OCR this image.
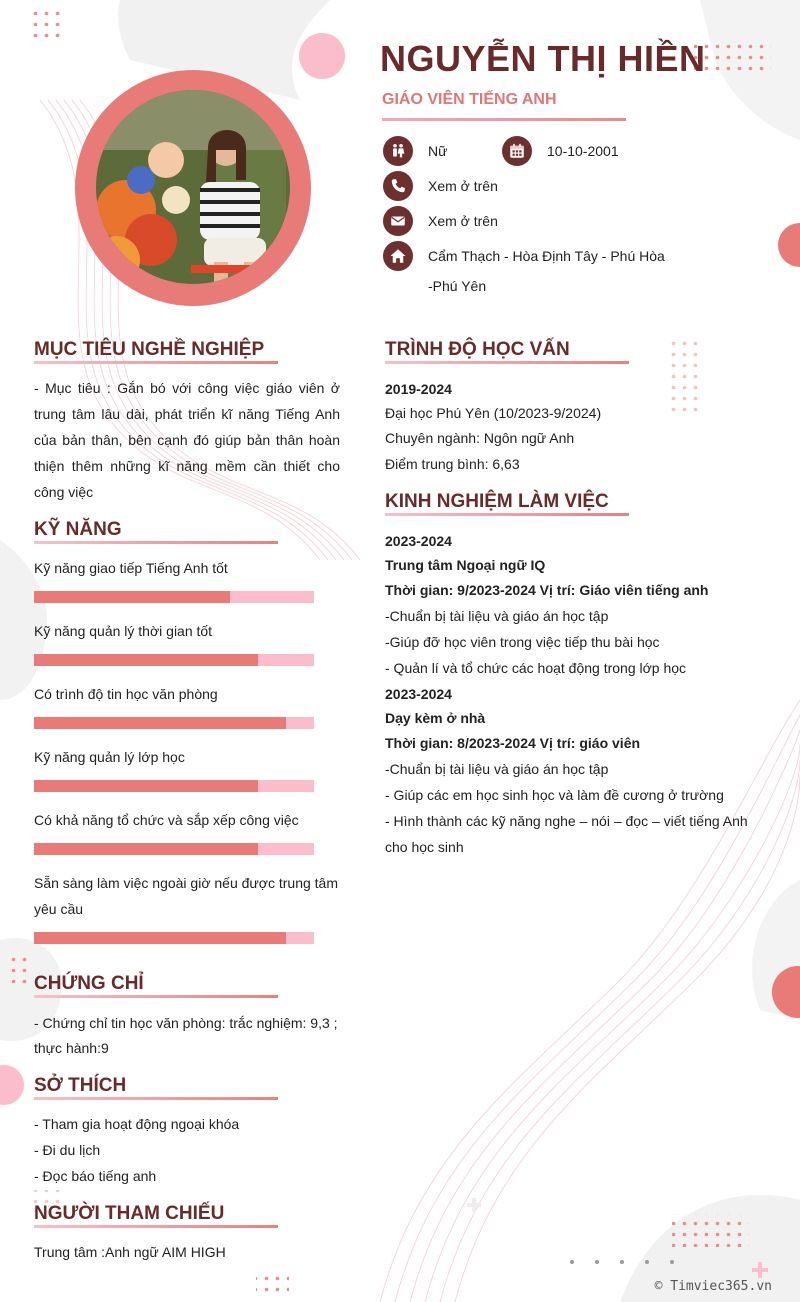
NGUYỄN THỊ HIỀN
GIÁO VIÊN TIẾNG ANH
Nữ	10-10-2001
Xem ở trên
Xem ở trên
Cẩm Thạch - Hòa Định Tây - Phú Hòa
-Phú Yên
MỤC TIÊU NGHỀ NGHIỆP
- Mục tiêu : Gắn bó với công việc giáo viên ở trung tâm lâu dài, phát triển kĩ năng Tiếng Anh của bản thân, bên cạnh đó giúp bản thân hoàn thiện thêm những kĩ năng mềm cần thiết cho công việc
KỸ NĂNG
Kỹ năng giao tiếp Tiếng Anh tốt
Kỹ năng quản lý thời gian tốt
Có trình độ tin học văn phòng
Kỹ năng quản lý lớp học
Có khả năng tổ chức và sắp xếp công việc
Sẵn sàng làm việc ngoài giờ nếu được trung tâm
yêu cầu
CHỨNG CHỈ
- Chứng chỉ tin học văn phòng: trắc nghiệm: 9,3 ;
thực hành:9
SỞ THÍCH
- Tham gia hoạt động ngoại khóa
- Đi du lịch
- Đọc báo tiếng anh
NGƯỜI THAM CHIẾU
Trung tâm :Anh ngữ AIM HIGH
TRÌNH ĐỘ HỌC VẤN
2019-2024
Đại học Phú Yên (10/2023-9/2024)
Chuyên ngành: Ngôn ngữ Anh
Điểm trung bình: 6,63
KINH NGHIỆM LÀM VIỆC
2023-2024
Trung tâm Ngoại ngữ IQ
Thời gian: 9/2023-2024 Vị trí: Giáo viên tiếng anh
-Chuẩn bị tài liệu và giáo án học tập
-Giúp đỡ học viên trong việc tiếp thu bài học
- Quản lí và tổ chức các hoạt động trong lớp học
2023-2024
Dạy kèm ở nhà
Thời gian: 8/2023-2024 Vị trí: giáo viên
-Chuẩn bị tài liệu và giáo án học tập
- Giúp các em học sinh học và làm đề cương ở trường
- Hình thành các kỹ năng nghe – nói – đọc – viết tiếng Anh
cho học sinh
© Timviec365.vn
